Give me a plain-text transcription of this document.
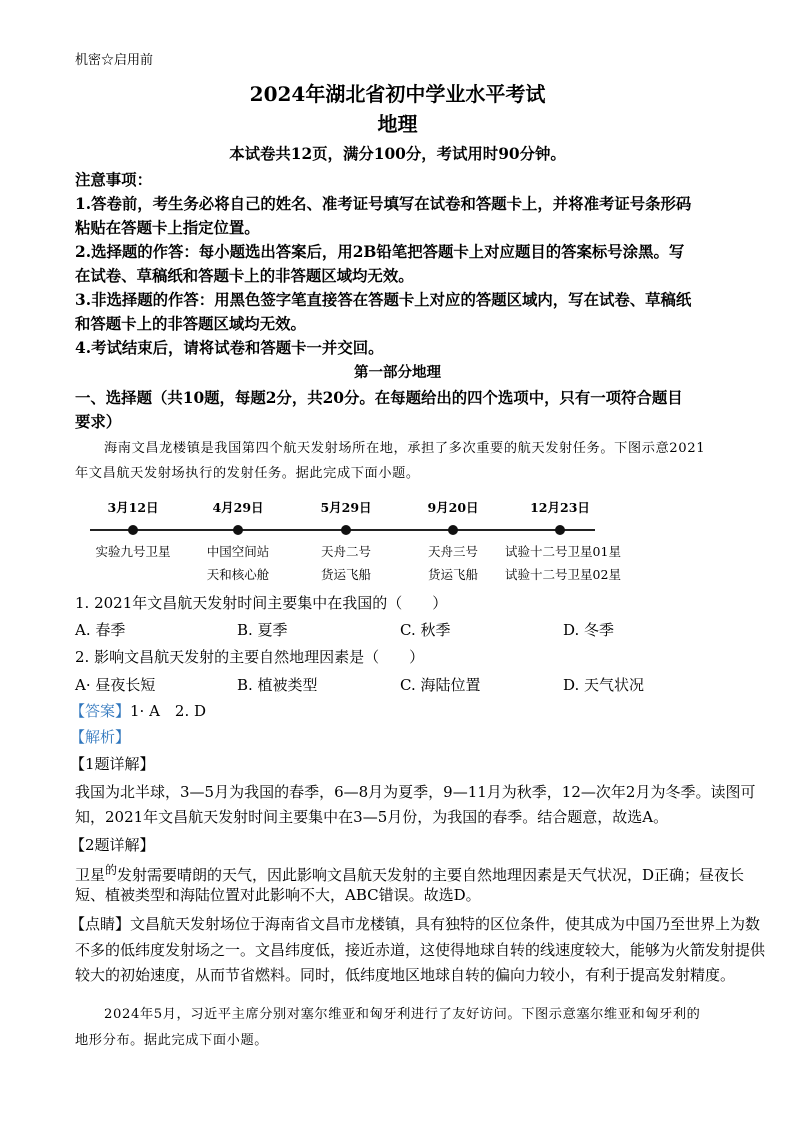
机密☆启用前
2024年湖北省初中学业水平考试
地理
本试卷共12页，满分100分，考试用时90分钟。
注意事项：
1.答卷前，考生务必将自己的姓名、准考证号填写在试卷和答题卡上，并将准考证号条形码
粘贴在答题卡上指定位置。
2.选择题的作答：每小题选出答案后，用2B铅笔把答题卡上对应题目的答案标号涂黑。写
在试卷、草稿纸和答题卡上的非答题区域均无效。
3.非选择题的作答：用黑色签字笔直接答在答题卡上对应的答题区域内，写在试卷、草稿纸
和答题卡上的非答题区域均无效。
4.考试结束后，请将试卷和答题卡一并交回。
第一部分地理
一、选择题（共10题，每题2分，共20分。在每题给出的四个选项中，只有一项符合题目
要求）
海南文昌龙楼镇是我国第四个航天发射场所在地，承担了多次重要的航天发射任务。下图示意2021
年文昌航天发射场执行的发射任务。据此完成下面小题。
3月12日	4月29日	5月29日	9月20日	12月23日
实验九号卫星	中国空间站
天和核心舱
天舟二号
货运飞船
天舟三号
货运飞船
试验十二号卫星01星
试验十二号卫星02星
1. 2021年文昌航天发射时间主要集中在我国的（　　）
A. 春季	B. 夏季	C. 秋季	D. 冬季
2. 影响文昌航天发射的主要自然地理因素是（　　）
A· 昼夜长短	B. 植被类型	C. 海陆位置	D. 天气状况
【答案】1· A　2. D
【解析】
【1题详解】
我国为北半球，3—5月为我国的春季，6—8月为夏季，9—11月为秋季，12—次年2月为冬季。读图可
知，2021年文昌航天发射时间主要集中在3—5月份，为我国的春季。结合题意，故选A。
【2题详解】
卫星$^的$发射需要晴朗的天气，因此影响文昌航天发射的主要自然地理因素是天气状况，D正确；昼夜长
短、植被类型和海陆位置对此影响不大，ABC错误。故选D。
【点睛】文昌航天发射场位于海南省文昌市龙楼镇，具有独特的区位条件，使其成为中国乃至世界上为数
不多的低纬度发射场之一。文昌纬度低，接近赤道，这使得地球自转的线速度较大，能够为火箭发射提供
较大的初始速度，从而节省燃料。同时，低纬度地区地球自转的偏向力较小，有利于提高发射精度。
2024年5月，习近平主席分别对塞尔维亚和匈牙利进行了友好访问。下图示意塞尔维亚和匈牙利的
地形分布。据此完成下面小题。
